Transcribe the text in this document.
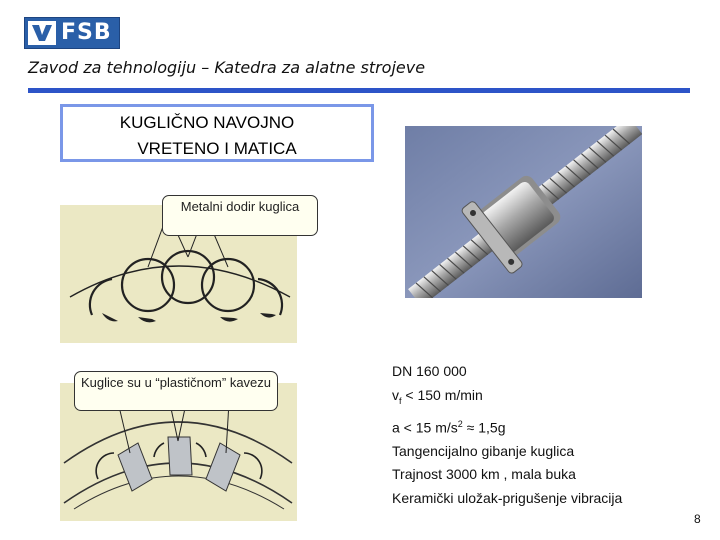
FSB
Zavod za tehnologiju – Katedra za alatne strojeve
KUGLIČNO NAVOJNO
VRETENO I MATICA
Metalni dodir kuglica
Kuglice su u “plastičnom” kavezu
DN 160 000
$v_f < 150$ m/min
a < 15 $m/s^2 \approx 1,5g$
Tangencijalno gibanje kuglica
Trajnost 3000 km , mala buka
Keramički uložak-prigušenje vibracija
8
